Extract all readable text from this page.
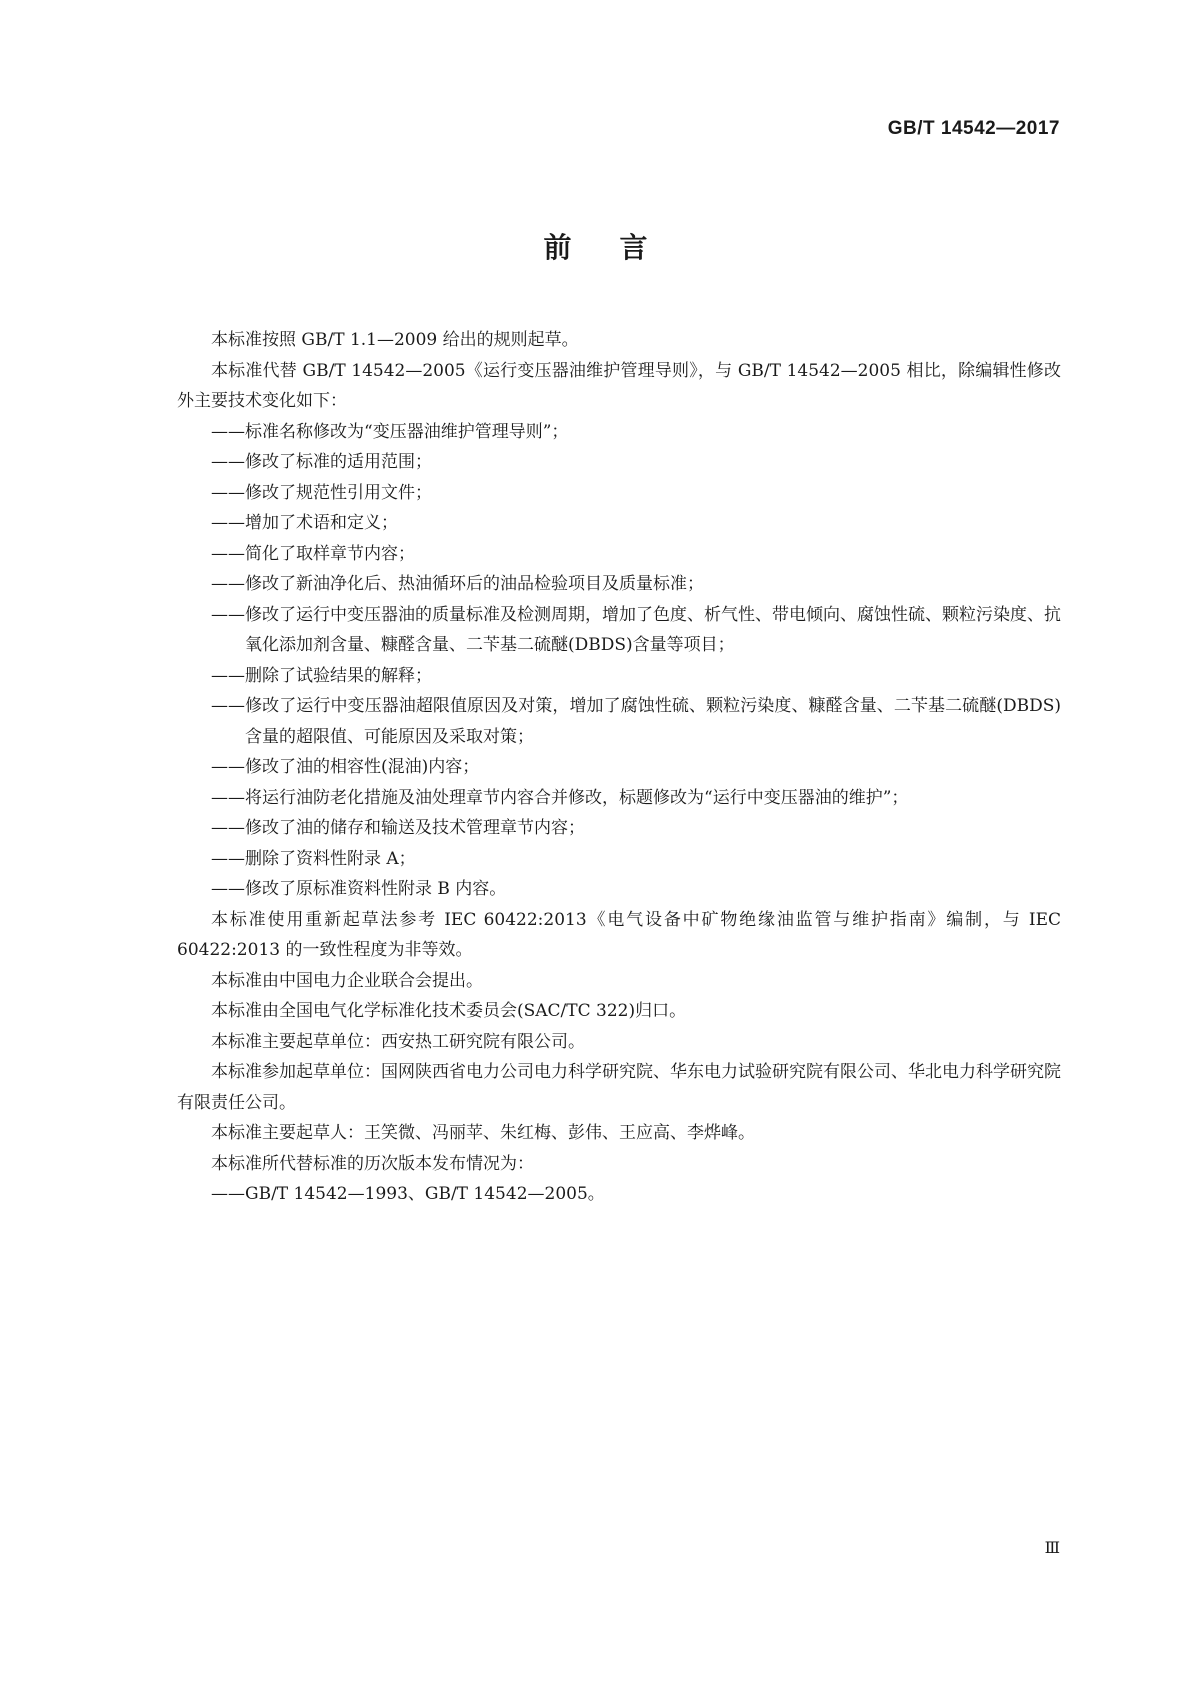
GB/T 14542—2017
前言

本标准按照 GB/T 1.1—2009 给出的规则起草。

本标准代替 GB/T 14542—2005《运行变压器油维护管理导则》，与 GB/T 14542—2005 相比，除编辑性修改外主要技术变化如下：

——标准名称修改为“变压器油维护管理导则”；

——修改了标准的适用范围；

——修改了规范性引用文件；

——增加了术语和定义；

——简化了取样章节内容；

——修改了新油净化后、热油循环后的油品检验项目及质量标准；

——修改了运行中变压器油的质量标准及检测周期，增加了色度、析气性、带电倾向、腐蚀性硫、颗粒污染度、抗氧化添加剂含量、糠醛含量、二苄基二硫醚(DBDS)含量等项目；

——删除了试验结果的解释；

——修改了运行中变压器油超限值原因及对策，增加了腐蚀性硫、颗粒污染度、糠醛含量、二苄基二硫醚(DBDS)含量的超限值、可能原因及采取对策；

——修改了油的相容性(混油)内容；

——将运行油防老化措施及油处理章节内容合并修改，标题修改为“运行中变压器油的维护”；

——修改了油的储存和输送及技术管理章节内容；

——删除了资料性附录 A；

——修改了原标准资料性附录 B 内容。

本标准使用重新起草法参考 IEC 60422:2013《电气设备中矿物绝缘油监管与维护指南》编制，与 IEC 60422:2013 的一致性程度为非等效。

本标准由中国电力企业联合会提出。

本标准由全国电气化学标准化技术委员会(SAC/TC 322)归口。

本标准主要起草单位：西安热工研究院有限公司。

本标准参加起草单位：国网陕西省电力公司电力科学研究院、华东电力试验研究院有限公司、华北电力科学研究院有限责任公司。

本标准主要起草人：王笑微、冯丽苹、朱红梅、彭伟、王应高、李烨峰。

本标准所代替标准的历次版本发布情况为：

——GB/T 14542—1993、GB/T 14542—2005。

Ⅲ
